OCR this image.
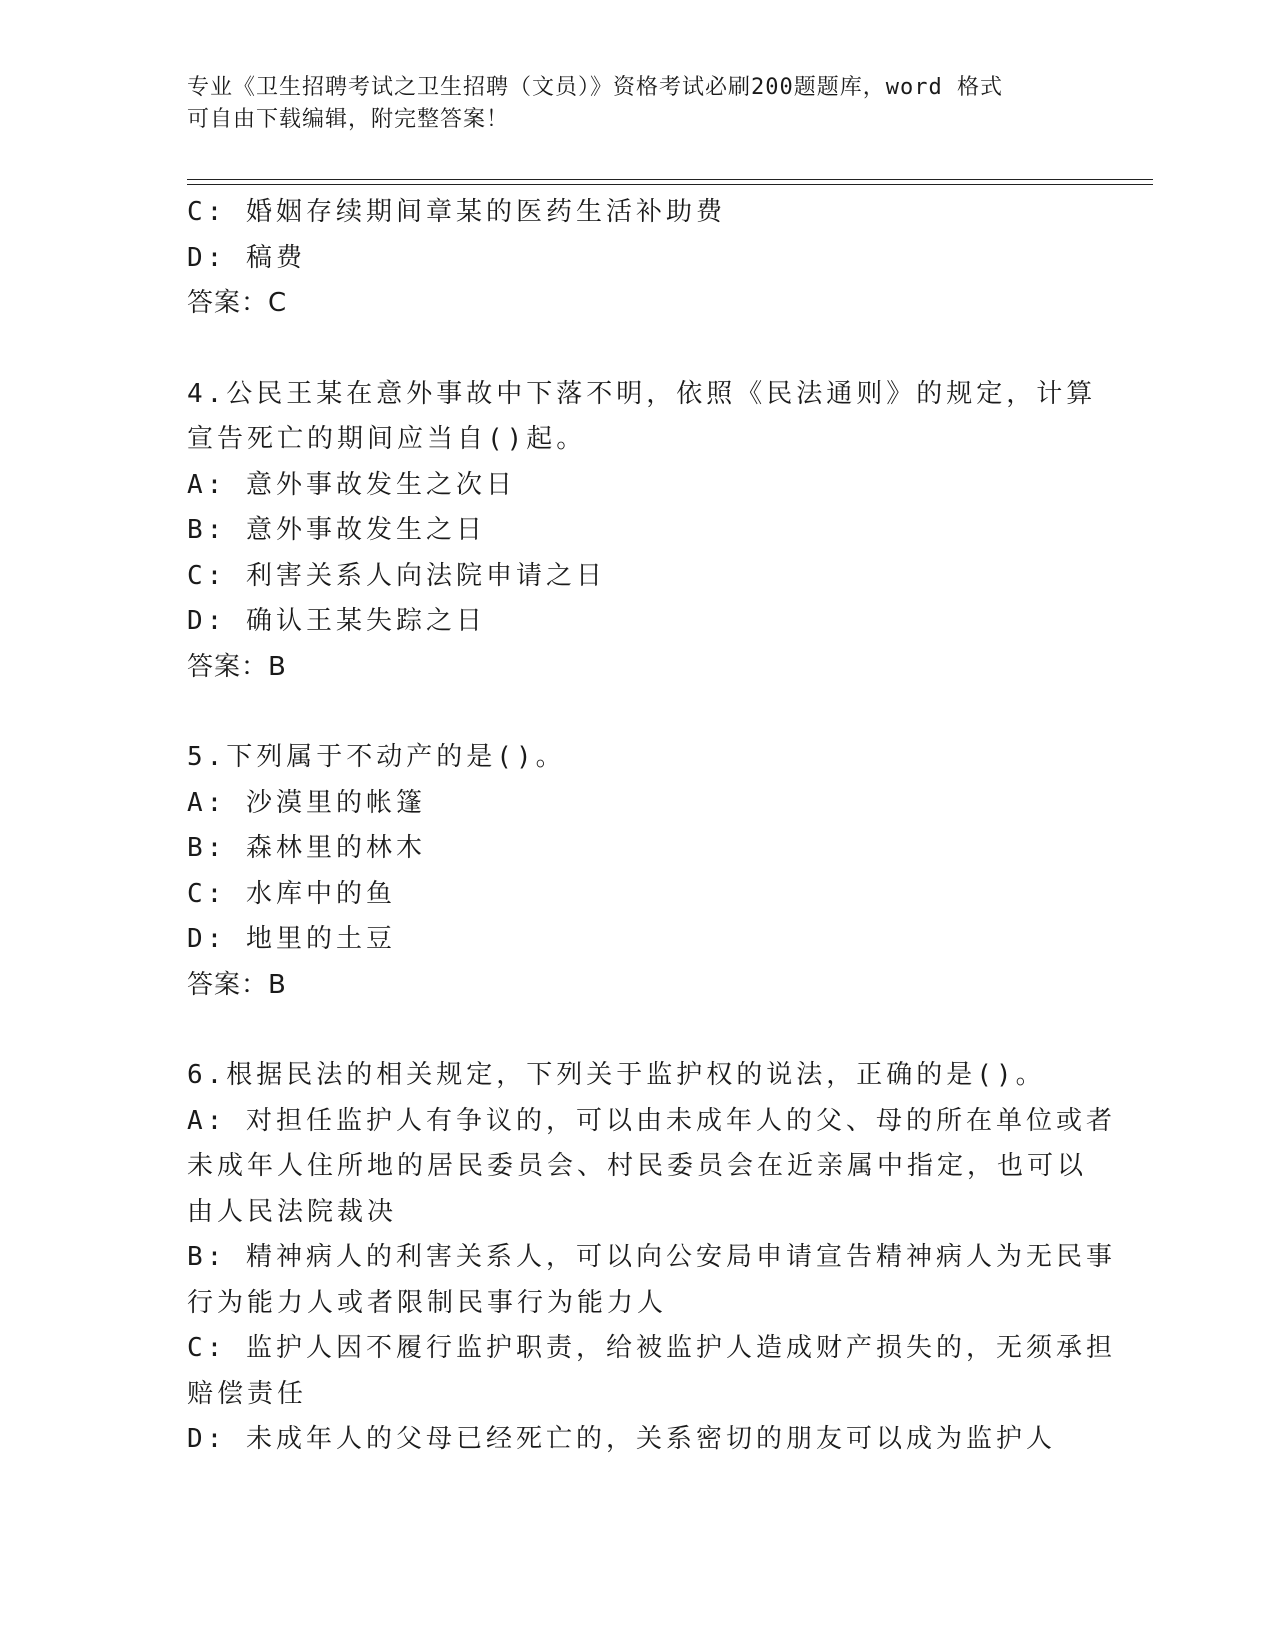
专业《卫生招聘考试之卫生招聘（文员）》资格考试必刷200题题库，word 格式
可自由下载编辑，附完整答案！
C: 婚姻存续期间章某的医药生活补助费
D: 稿费
答案：C
4.公民王某在意外事故中下落不明，依照《民法通则》的规定，计算
宣告死亡的期间应当自()起。
A: 意外事故发生之次日
B: 意外事故发生之日
C: 利害关系人向法院申请之日
D: 确认王某失踪之日
答案：B
5.下列属于不动产的是()。
A: 沙漠里的帐篷
B: 森林里的林木
C: 水库中的鱼
D: 地里的土豆
答案：B
6.根据民法的相关规定，下列关于监护权的说法，正确的是()。
A: 对担任监护人有争议的，可以由未成年人的父、母的所在单位或者
未成年人住所地的居民委员会、村民委员会在近亲属中指定，也可以
由人民法院裁决
B: 精神病人的利害关系人，可以向公安局申请宣告精神病人为无民事
行为能力人或者限制民事行为能力人
C: 监护人因不履行监护职责，给被监护人造成财产损失的，无须承担
赔偿责任
D: 未成年人的父母已经死亡的，关系密切的朋友可以成为监护人
